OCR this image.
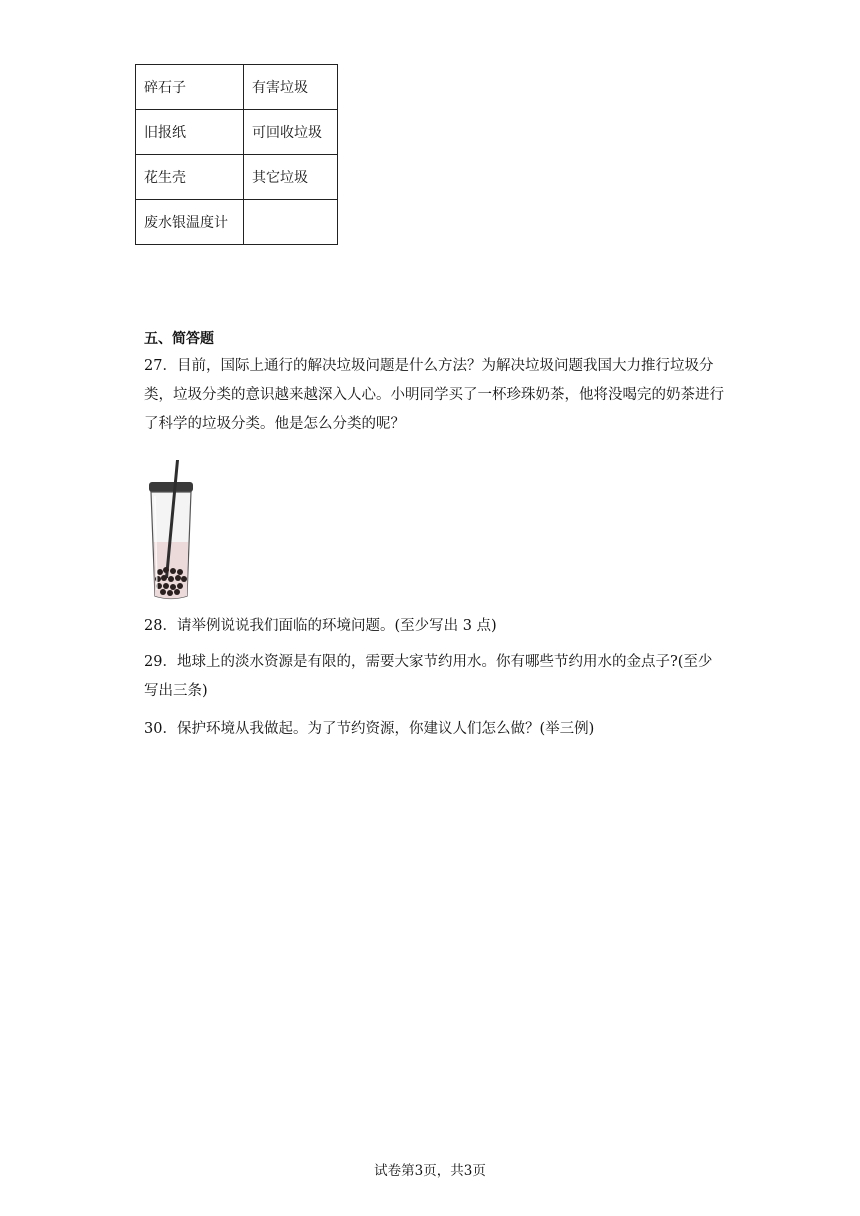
碎石子	有害垃圾
旧报纸	可回收垃圾
花生壳	其它垃圾
废水银温度计	
五、简答题
27．目前，国际上通行的解决垃圾问题是什么方法？为解决垃圾问题我国大力推行垃圾分类，垃圾分类的意识越来越深入人心。小明同学买了一杯珍珠奶茶，他将没喝完的奶茶进行了科学的垃圾分类。他是怎么分类的呢？
28．请举例说说我们面临的环境问题。(至少写出 3 点)
29．地球上的淡水资源是有限的，需要大家节约用水。你有哪些节约用水的金点子?(至少写出三条)
30．保护环境从我做起。为了节约资源，你建议人们怎么做？(举三例)
试卷第3页，共3页
